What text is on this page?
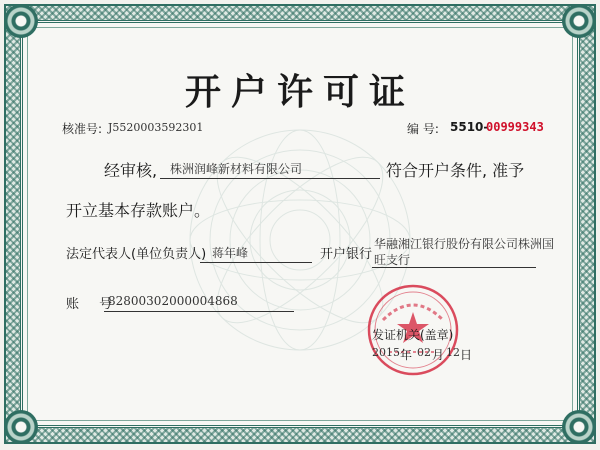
开户许可证
核准号: J5520003592301	编 号: 5510-
00999343
经审核, 株洲润峰新材料有限公司	符合开户条件, 准予
开立基本存款账户。
法定代表人(单位负责人) 蒋年峰	开户银行
华融湘江银行股份有限公司株洲国
旺支行
账 号
82800302000004868
发证机关(盖章)
2015 年 02 月 12 日
